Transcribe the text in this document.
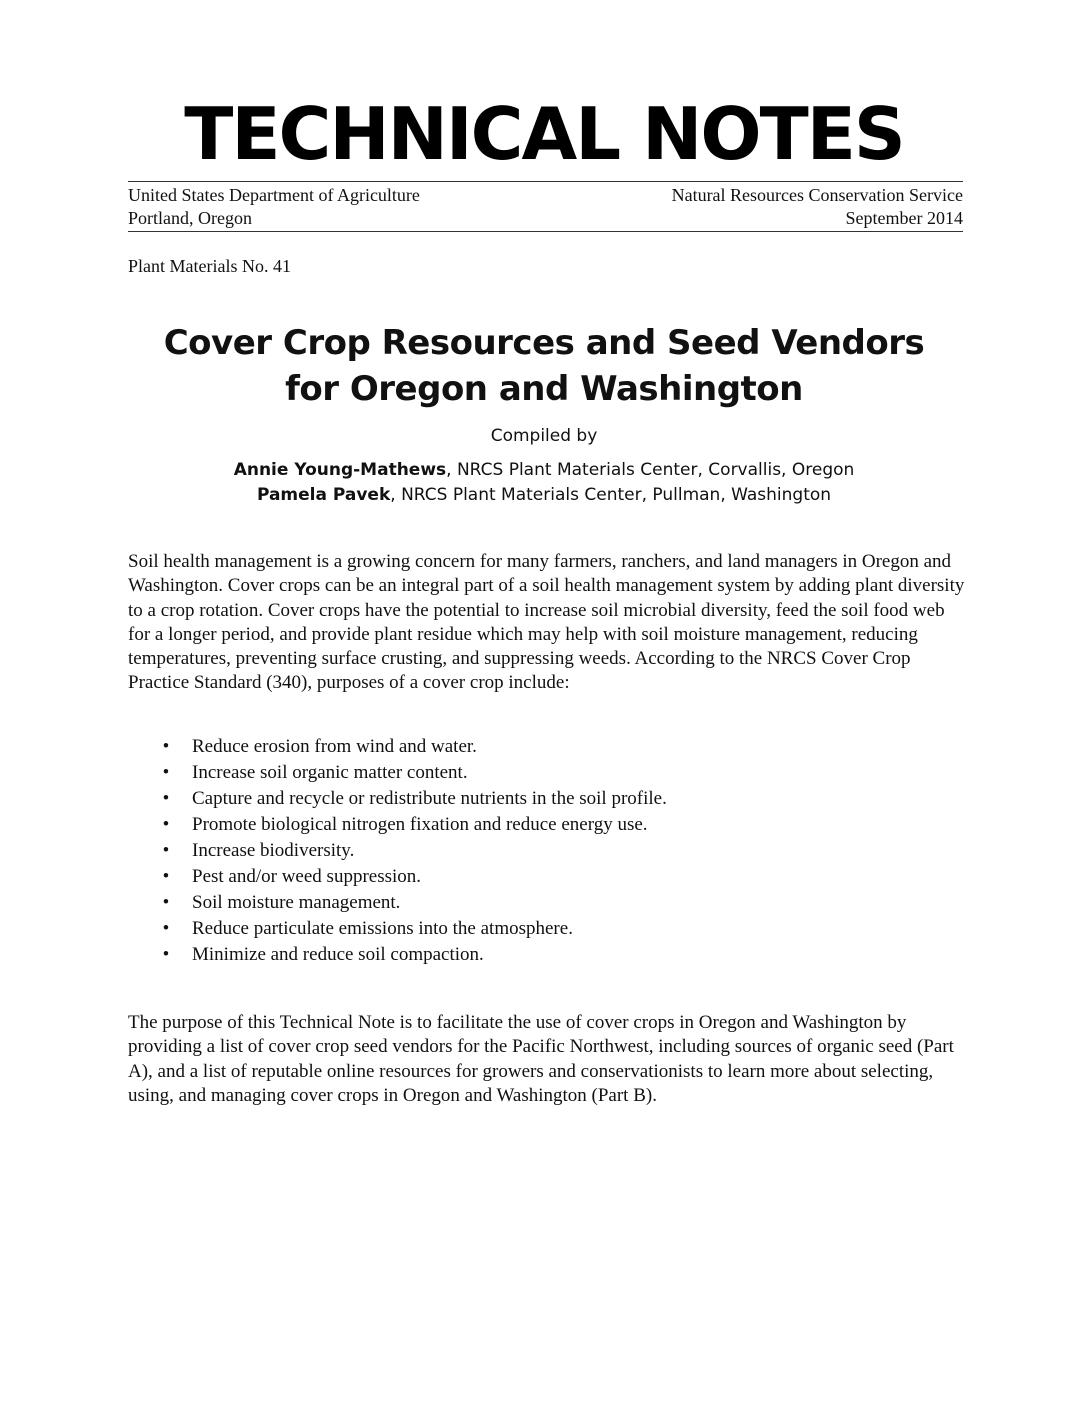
TECHNICAL NOTES
United States Department of Agriculture	Natural Resources Conservation Service
Portland, Oregon	September 2014
Plant Materials No. 41
Cover Crop Resources and Seed Vendors
for Oregon and Washington
Compiled by
Annie Young-Mathews, NRCS Plant Materials Center, Corvallis, Oregon
Pamela Pavek, NRCS Plant Materials Center, Pullman, Washington
Soil health management is a growing concern for many farmers, ranchers, and land managers in Oregon and Washington. Cover crops can be an integral part of a soil health management system by adding plant diversity to a crop rotation. Cover crops have the potential to increase soil microbial diversity, feed the soil food web for a longer period, and provide plant residue which may help with soil moisture management, reducing temperatures, preventing surface crusting, and suppressing weeds. According to the NRCS Cover Crop Practice Standard (340), purposes of a cover crop include:
• Reduce erosion from wind and water.
• Increase soil organic matter content.
• Capture and recycle or redistribute nutrients in the soil profile.
• Promote biological nitrogen fixation and reduce energy use.
• Increase biodiversity.
• Pest and/or weed suppression.
• Soil moisture management.
• Reduce particulate emissions into the atmosphere.
• Minimize and reduce soil compaction.
The purpose of this Technical Note is to facilitate the use of cover crops in Oregon and Washington by providing a list of cover crop seed vendors for the Pacific Northwest, including sources of organic seed (Part A), and a list of reputable online resources for growers and conservationists to learn more about selecting, using, and managing cover crops in Oregon and Washington (Part B).
